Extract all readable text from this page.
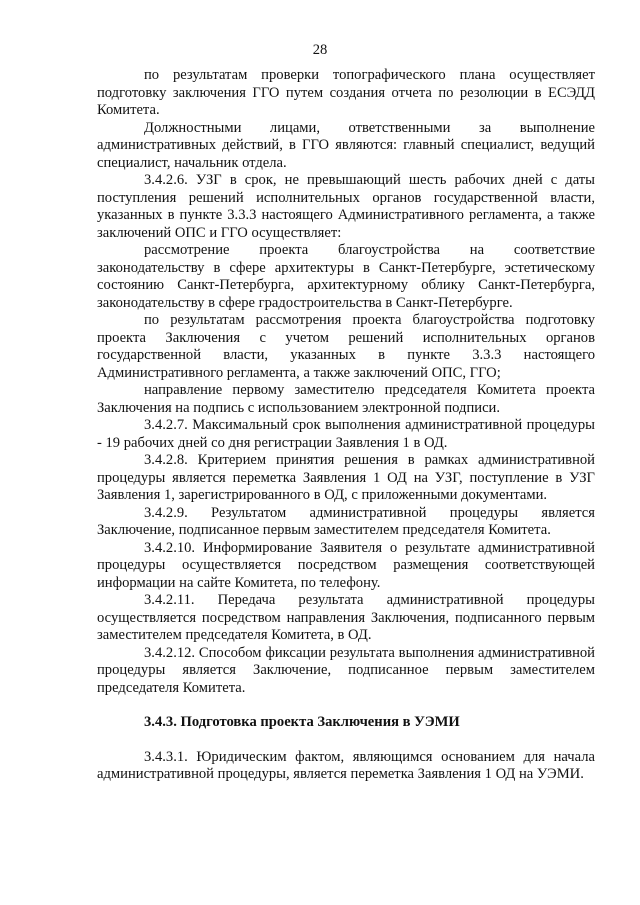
28

по результатам проверки топографического плана осуществляет подготовку заключения ГГО путем создания отчета по резолюции в ЕСЭДД Комитета.

Должностными лицами, ответственными за выполнение административных действий, в ГГО являются: главный специалист, ведущий специалист, начальник отдела.

3.4.2.6. УЗГ в срок, не превышающий шесть рабочих дней с даты поступления решений исполнительных органов государственной власти, указанных в пункте 3.3.3 настоящего Административного регламента, а также заключений ОПС и ГГО осуществляет:

рассмотрение проекта благоустройства на соответствие законодательству в сфере архитектуры в Санкт-Петербурге, эстетическому состоянию Санкт-Петербурга, архитектурному облику Санкт-Петербурга, законодательству в сфере градостроительства в Санкт-Петербурге.

по результатам рассмотрения проекта благоустройства подготовку проекта Заключения с учетом решений исполнительных органов государственной власти, указанных в пункте 3.3.3 настоящего Административного регламента, а также заключений ОПС, ГГО;

направление первому заместителю председателя Комитета проекта Заключения на подпись с использованием электронной подписи.

3.4.2.7. Максимальный срок выполнения административной процедуры - 19 рабочих дней со дня регистрации Заявления 1 в ОД.

3.4.2.8. Критерием принятия решения в рамках административной процедуры является переметка Заявления 1 ОД на УЗГ, поступление в УЗГ Заявления 1, зарегистрированного в ОД, с приложенными документами.

3.4.2.9. Результатом административной процедуры является Заключение, подписанное первым заместителем председателя Комитета.

3.4.2.10. Информирование Заявителя о результате административной процедуры осуществляется посредством размещения соответствующей информации на сайте Комитета, по телефону.

3.4.2.11. Передача результата административной процедуры осуществляется посредством направления Заключения, подписанного первым заместителем председателя Комитета, в ОД.

3.4.2.12. Способом фиксации результата выполнения административной процедуры является Заключение, подписанное первым заместителем председателя Комитета.

3.4.3. Подготовка проекта Заключения в УЭМИ

3.4.3.1. Юридическим фактом, являющимся основанием для начала административной процедуры, является переметка Заявления 1 ОД на УЭМИ.
